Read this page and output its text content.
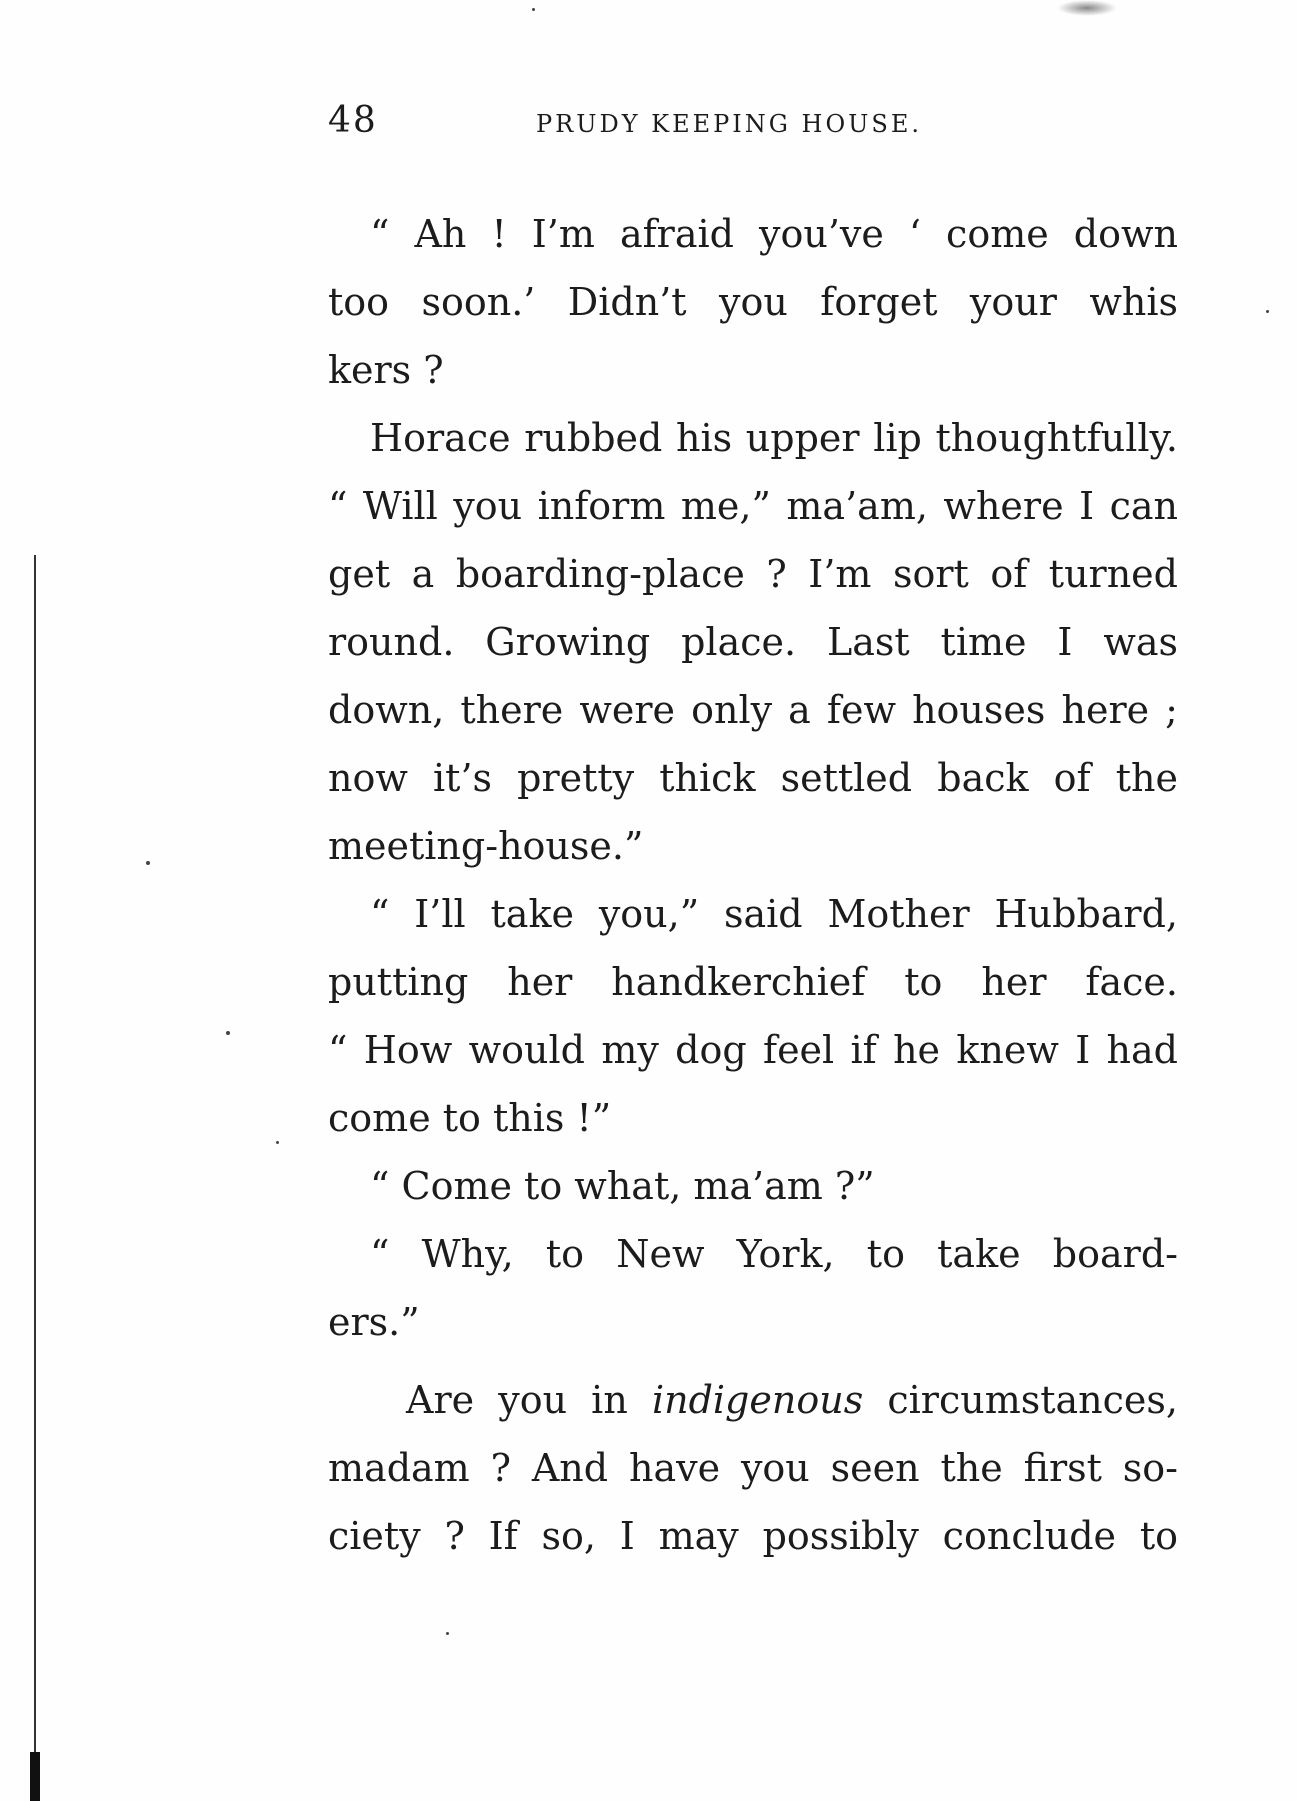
48	PRUDY KEEPING HOUSE.
“ Ah ! I’m afraid you’ve ‘ come down
too soon.’ Didn’t you forget your whis
kers ?
Horace rubbed his upper lip thoughtfully.
“ Will you inform me,” ma’am, where I can
get a boarding-place ? I’m sort of turned
round. Growing place. Last time I was
down, there were only a few houses here ;
now it’s pretty thick settled back of the
meeting-house.”
“ I’ll take you,” said Mother Hubbard,
putting her handkerchief to her face.
“ How would my dog feel if he knew I had
come to this !”
“ Come to what, ma’am ?”
“ Why, to New York, to take board-
ers.”
Are you in indigenous circumstances,
madam ? And have you seen the first so-
ciety ? If so, I may possibly conclude to
